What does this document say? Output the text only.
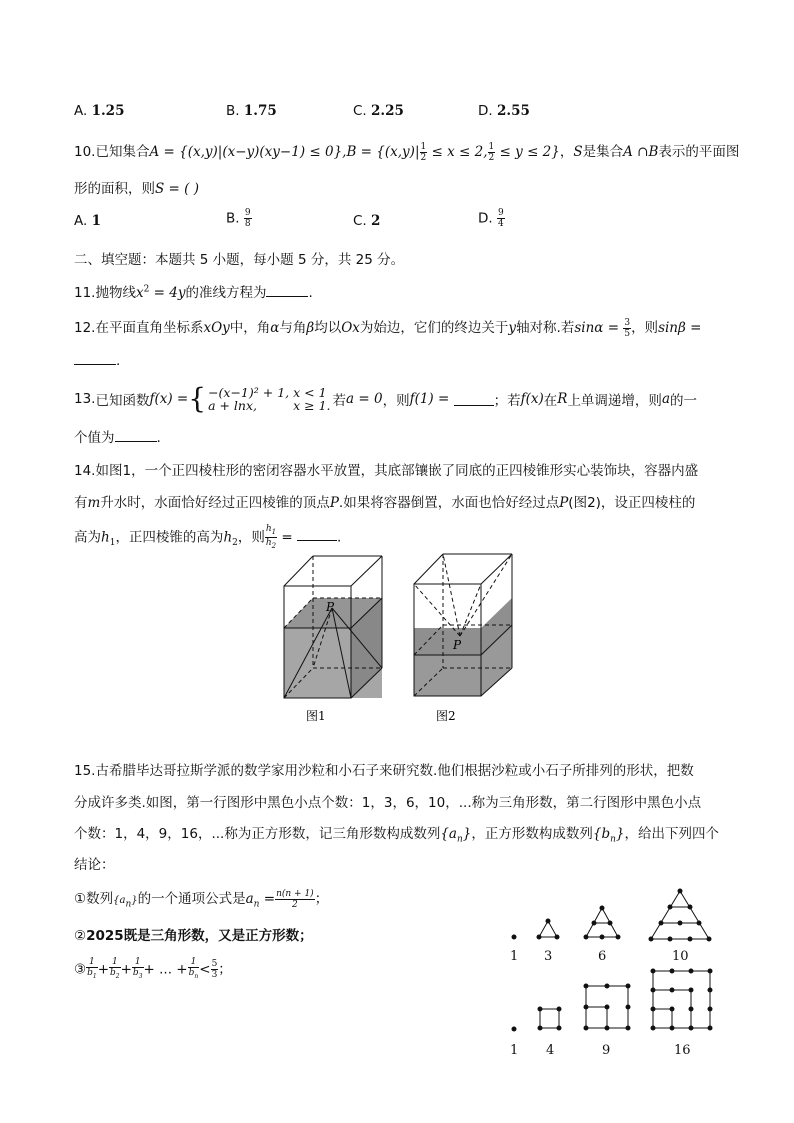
A. 1.25	B. 1.75	C. 2.25	D. 2.55
10.已知集合$A = \{(x,y)|(x-y)(xy-1) \le 0\},B = \{(x,y)| \frac{1}{2} \le x \le 2$, $\frac{1}{2} \le y \le 2$}，S是集合A ∩B表示的平面图
形的面积，则S = ( )
A. 1	B. $\frac{9}{8}$	C. 2	D. $\frac{9}{4}$
二、填空题：本题共 5 小题，每小题 5 分，共 25 分。
11.抛物线$x^2 = 4y$的准线方程为	.
12.在平面直角坐标系xOy中，角α与角β均以Ox为始边，它们的终边关于y轴对称.若$\sin\alpha = \frac{3}{5}$ ，则sinβ =
.
13.已知函数f(x) ={ −(x−1)² + 1,
a + lnx,
x < 1
x ≥ 1. 若a = 0，则f(1) =	；若f(x)在R上单调递增，则a的一
个值为	.
14.如图1，一个正四棱柱形的密闭容器水平放置，其底部镶嵌了同底的正四棱锥形实心装饰块，容器内盛
有m升水时，水面恰好经过正四棱锥的顶点P.如果将容器倒置，水面也恰好经过点P(图2)，设正四棱柱的
高为$h_1$，正四棱锥的高为$h_2$，则 $\frac{h_1}{h_2}$ =	.
P
图1
P
图2
15.古希腊毕达哥拉斯学派的数学家用沙粒和小石子来研究数.他们根据沙粒或小石子所排列的形状，把数
分成许多类.如图，第一行图形中黑色小点个数：1，3，6，10，...称为三角形数，第二行图形中黑色小点
个数：1，4，9，16，...称为正方形数，记三角形数构成数列$\{a_n\}$，正方形数构成数列$\{b_n\}$，给出下列四个
结论：
①数列$\{a_n\}$的一个通项公式是$a_n = \frac{n(n + 1)}{2}$ ；
②2025既是三角形数，又是正方形数；
③ $\frac{1}{b_1} + \frac{1}{b_2} + \frac{1}{b_3}$ + ... + $\frac{1}{b_n} < \frac{5}{3}$ ；
1 3	6	10
1 4	9	16
